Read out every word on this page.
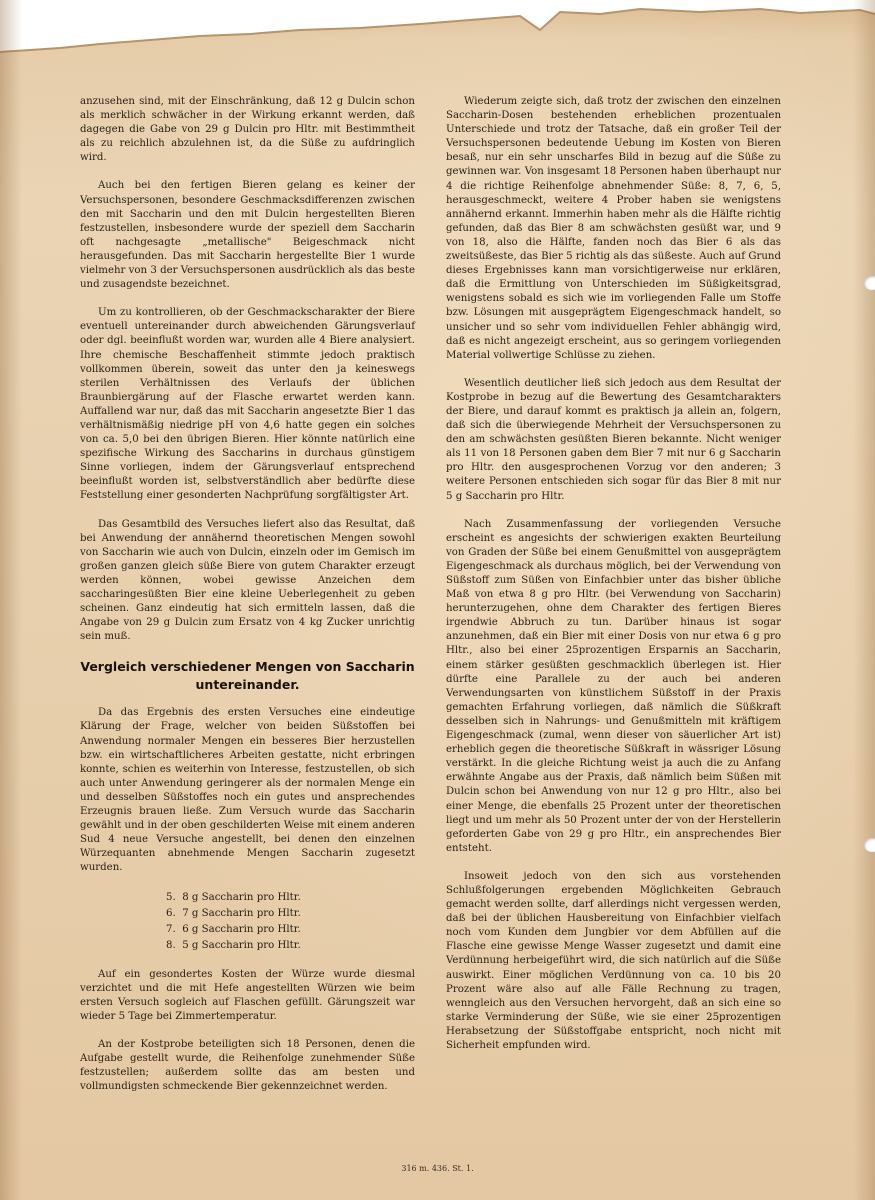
anzusehen sind, mit der Einschränkung, daß 12 g Dulcin schon als merklich schwächer in der Wirkung erkannt werden, daß dagegen die Gabe von 29 g Dulcin pro Hltr. mit Bestimmtheit als zu reichlich abzulehnen ist, da die Süße zu aufdringlich wird.

Auch bei den fertigen Bieren gelang es keiner der Versuchspersonen, besondere Geschmacksdifferenzen zwischen den mit Saccharin und den mit Dulcin hergestellten Bieren festzustellen, insbesondere wurde der speziell dem Saccharin oft nachgesagte „metallische" Beigeschmack nicht herausgefunden. Das mit Saccharin hergestellte Bier 1 wurde vielmehr von 3 der Versuchspersonen ausdrücklich als das beste und zusagendste bezeichnet.

Um zu kontrollieren, ob der Geschmackscharakter der Biere eventuell untereinander durch abweichenden Gärungsverlauf oder dgl. beeinflußt worden war, wurden alle 4 Biere analysiert. Ihre chemische Beschaffenheit stimmte jedoch praktisch vollkommen überein, soweit das unter den ja keineswegs sterilen Verhältnissen des Verlaufs der üblichen Braunbiergärung auf der Flasche erwartet werden kann. Auffallend war nur, daß das mit Saccharin angesetzte Bier 1 das verhältnismäßig niedrige pH von 4,6 hatte gegen ein solches von ca. 5,0 bei den übrigen Bieren. Hier könnte natürlich eine spezifische Wirkung des Saccharins in durchaus günstigem Sinne vorliegen, indem der Gärungsverlauf entsprechend beeinflußt worden ist, selbstverständlich aber bedürfte diese Feststellung einer gesonderten Nachprüfung sorgfältigster Art.

Das Gesamtbild des Versuches liefert also das Resultat, daß bei Anwendung der annähernd theoretischen Mengen sowohl von Saccharin wie auch von Dulcin, einzeln oder im Gemisch im großen ganzen gleich süße Biere von gutem Charakter erzeugt werden können, wobei gewisse Anzeichen dem saccharingesüßten Bier eine kleine Ueberlegenheit zu geben scheinen. Ganz eindeutig hat sich ermitteln lassen, daß die Angabe von 29 g Dulcin zum Ersatz von 4 kg Zucker unrichtig sein muß.

Vergleich verschiedener Mengen von Saccharin untereinander.

Da das Ergebnis des ersten Versuches eine eindeutige Klärung der Frage, welcher von beiden Süßstoffen bei Anwendung normaler Mengen ein besseres Bier herzustellen bzw. ein wirtschaftlicheres Arbeiten gestatte, nicht erbringen konnte, schien es weiterhin von Interesse, festzustellen, ob sich auch unter Anwendung geringerer als der normalen Menge ein und desselben Süßstoffes noch ein gutes und ansprechendes Erzeugnis brauen ließe. Zum Versuch wurde das Saccharin gewählt und in der oben geschilderten Weise mit einem anderen Sud 4 neue Versuche angestellt, bei denen den einzelnen Würzequanten abnehmende Mengen Saccharin zugesetzt wurden.

5.  8 g Saccharin pro Hltr.
6.  7 g Saccharin pro Hltr.
7.  6 g Saccharin pro Hltr.
8.  5 g Saccharin pro Hltr.

Auf ein gesondertes Kosten der Würze wurde diesmal verzichtet und die mit Hefe angestellten Würzen wie beim ersten Versuch sogleich auf Flaschen gefüllt. Gärungszeit war wieder 5 Tage bei Zimmertemperatur.

An der Kostprobe beteiligten sich 18 Personen, denen die Aufgabe gestellt wurde, die Reihenfolge zunehmender Süße festzustellen; außerdem sollte das am besten und vollmundigsten schmeckende Bier gekennzeichnet werden.

Wiederum zeigte sich, daß trotz der zwischen den einzelnen Saccharin-Dosen bestehenden erheblichen prozentualen Unterschiede und trotz der Tatsache, daß ein großer Teil der Versuchspersonen bedeutende Uebung im Kosten von Bieren besaß, nur ein sehr unscharfes Bild in bezug auf die Süße zu gewinnen war. Von insgesamt 18 Personen haben überhaupt nur 4 die richtige Reihenfolge abnehmender Süße: 8, 7, 6, 5, herausgeschmeckt, weitere 4 Prober haben sie wenigstens annähernd erkannt. Immerhin haben mehr als die Hälfte richtig gefunden, daß das Bier 8 am schwächsten gesüßt war, und 9 von 18, also die Hälfte, fanden noch das Bier 6 als das zweitsüßeste, das Bier 5 richtig als das süßeste. Auch auf Grund dieses Ergebnisses kann man vorsichtigerweise nur erklären, daß die Ermittlung von Unterschieden im Süßigkeitsgrad, wenigstens sobald es sich wie im vorliegenden Falle um Stoffe bzw. Lösungen mit ausgeprägtem Eigengeschmack handelt, so unsicher und so sehr vom individuellen Fehler abhängig wird, daß es nicht angezeigt erscheint, aus so geringem vorliegenden Material vollwertige Schlüsse zu ziehen.

Wesentlich deutlicher ließ sich jedoch aus dem Resultat der Kostprobe in bezug auf die Bewertung des Gesamtcharakters der Biere, und darauf kommt es praktisch ja allein an, folgern, daß sich die überwiegende Mehrheit der Versuchspersonen zu den am schwächsten gesüßten Bieren bekannte. Nicht weniger als 11 von 18 Personen gaben dem Bier 7 mit nur 6 g Saccharin pro Hltr. den ausgesprochenen Vorzug vor den anderen; 3 weitere Personen entschieden sich sogar für das Bier 8 mit nur 5 g Saccharin pro Hltr.

Nach Zusammenfassung der vorliegenden Versuche erscheint es angesichts der schwierigen exakten Beurteilung von Graden der Süße bei einem Genußmittel von ausgeprägtem Eigengeschmack als durchaus möglich, bei der Verwendung von Süßstoff zum Süßen von Einfachbier unter das bisher übliche Maß von etwa 8 g pro Hltr. (bei Verwendung von Saccharin) herunterzugehen, ohne dem Charakter des fertigen Bieres irgendwie Abbruch zu tun. Darüber hinaus ist sogar anzunehmen, daß ein Bier mit einer Dosis von nur etwa 6 g pro Hltr., also bei einer 25prozentigen Ersparnis an Saccharin, einem stärker gesüßten geschmacklich überlegen ist. Hier dürfte eine Parallele zu der auch bei anderen Verwendungsarten von künstlichem Süßstoff in der Praxis gemachten Erfahrung vorliegen, daß nämlich die Süßkraft desselben sich in Nahrungs- und Genußmitteln mit kräftigem Eigengeschmack (zumal, wenn dieser von säuerlicher Art ist) erheblich gegen die theoretische Süßkraft in wässriger Lösung verstärkt. In die gleiche Richtung weist ja auch die zu Anfang erwähnte Angabe aus der Praxis, daß nämlich beim Süßen mit Dulcin schon bei Anwendung von nur 12 g pro Hltr., also bei einer Menge, die ebenfalls 25 Prozent unter der theoretischen liegt und um mehr als 50 Prozent unter der von der Herstellerin geforderten Gabe von 29 g pro Hltr., ein ansprechendes Bier entsteht.

Insoweit jedoch von den sich aus vorstehenden Schlußfolgerungen ergebenden Möglichkeiten Gebrauch gemacht werden sollte, darf allerdings nicht vergessen werden, daß bei der üblichen Hausbereitung von Einfachbier vielfach noch vom Kunden dem Jungbier vor dem Abfüllen auf die Flasche eine gewisse Menge Wasser zugesetzt und damit eine Verdünnung herbeigeführt wird, die sich natürlich auf die Süße auswirkt. Einer möglichen Verdünnung von ca. 10 bis 20 Prozent wäre also auf alle Fälle Rechnung zu tragen, wenngleich aus den Versuchen hervorgeht, daß an sich eine so starke Verminderung der Süße, wie sie einer 25prozentigen Herabsetzung der Süßstoffgabe entspricht, noch nicht mit Sicherheit empfunden wird.

316 m. 436. St. 1.
